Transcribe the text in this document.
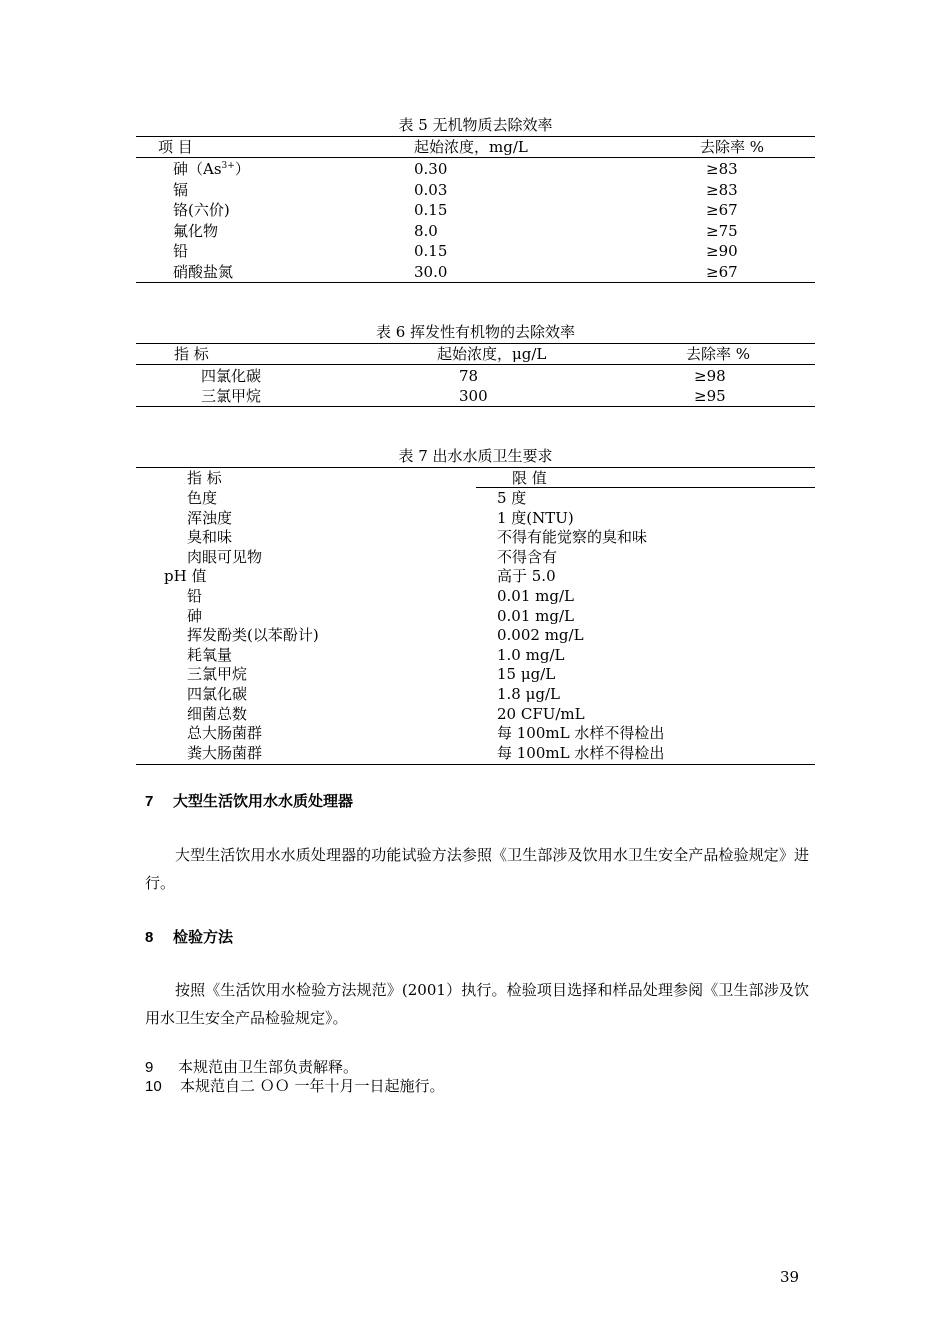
表 5 无机物质去除效率
项 目	起始浓度，mg/L	去除率 %
砷$(As^{3+})$	0.30	≥83
镉	0.03	≥83
铬(六价)	0.15	≥67
氟化物	8.0	≥75
铅	0.15	≥90
硝酸盐氮	30.0	≥67
表 6 挥发性有机物的去除效率
指 标	起始浓度，μg/L	去除率 %
四氯化碳	78	≥98
三氯甲烷	300	≥95
表 7 出水水质卫生要求
指 标	限 值
色度	5 度
浑浊度	1 度(NTU)
臭和味	不得有能觉察的臭和味
肉眼可见物	不得含有
pH 值	高于 5.0
铅	0.01 mg/L
砷	0.01 mg/L
挥发酚类(以苯酚计)	0.002 mg/L
耗氧量	1.0 mg/L
三氯甲烷	15 μg/L
四氯化碳	1.8 μg/L
细菌总数	20 CFU/mL
总大肠菌群	每 100mL 水样不得检出
粪大肠菌群	每 100mL 水样不得检出
7 大型生活饮用水水质处理器
大型生活饮用水水质处理器的功能试验方法参照《卫生部涉及饮用水卫生安全产品检验规定》进行。
8 检验方法
按照《生活饮用水检验方法规范》(2001）执行。检验项目选择和样品处理参阅《卫生部涉及饮用水卫生安全产品检验规定》。
9 本规范由卫生部负责解释。
10 本规范自二 ＯＯ 一年十月一日起施行。
39
